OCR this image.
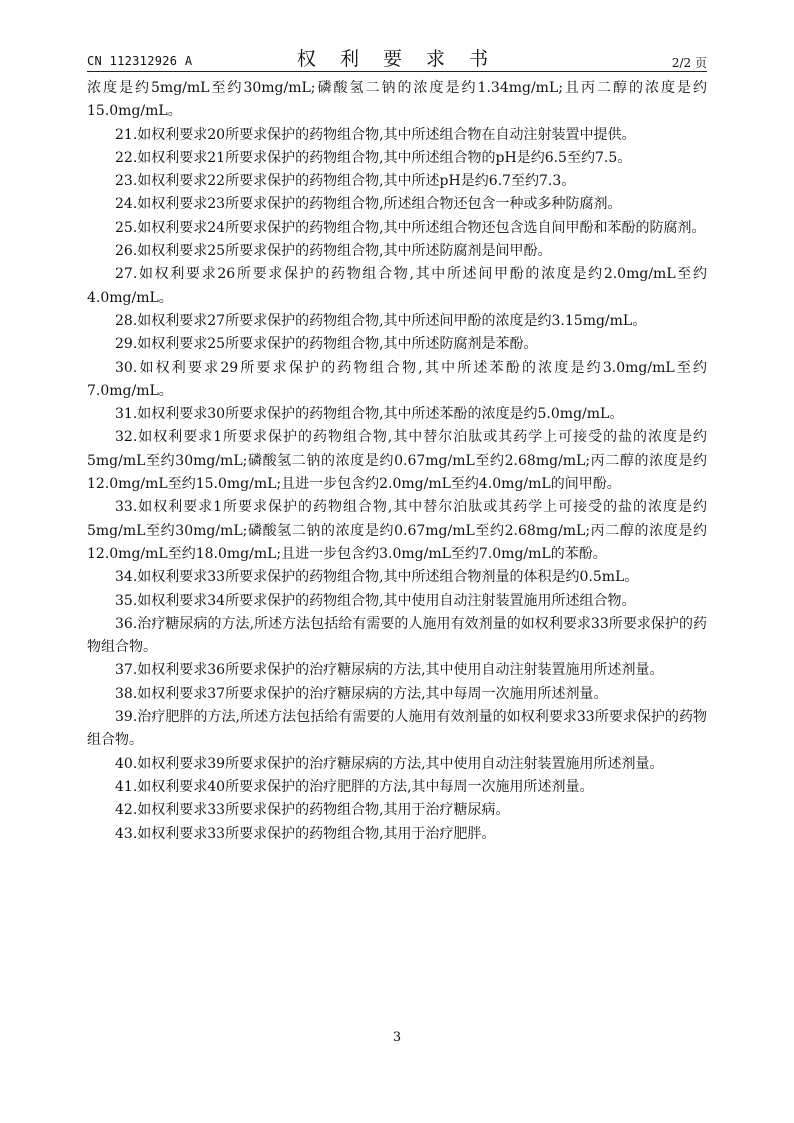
CN 112312926 A	权 利 要 求 书	2/2 页

浓度是约5mg/mL至约30mg/mL;磷酸氢二钠的浓度是约1.34mg/mL;且丙二醇的浓度是约15.0mg/mL。

21.如权利要求20所要求保护的药物组合物,其中所述组合物在自动注射装置中提供。

22.如权利要求21所要求保护的药物组合物,其中所述组合物的pH是约6.5至约7.5。

23.如权利要求22所要求保护的药物组合物,其中所述pH是约6.7至约7.3。

24.如权利要求23所要求保护的药物组合物,所述组合物还包含一种或多种防腐剂。

25.如权利要求24所要求保护的药物组合物,其中所述组合物还包含选自间甲酚和苯酚的防腐剂。

26.如权利要求25所要求保护的药物组合物,其中所述防腐剂是间甲酚。

27.如权利要求26所要求保护的药物组合物,其中所述间甲酚的浓度是约2.0mg/mL至约4.0mg/mL。

28.如权利要求27所要求保护的药物组合物,其中所述间甲酚的浓度是约3.15mg/mL。

29.如权利要求25所要求保护的药物组合物,其中所述防腐剂是苯酚。

30.如权利要求29所要求保护的药物组合物,其中所述苯酚的浓度是约3.0mg/mL至约7.0mg/mL。

31.如权利要求30所要求保护的药物组合物,其中所述苯酚的浓度是约5.0mg/mL。

32.如权利要求1所要求保护的药物组合物,其中替尔泊肽或其药学上可接受的盐的浓度是约5mg/mL至约30mg/mL;磷酸氢二钠的浓度是约0.67mg/mL至约2.68mg/mL;丙二醇的浓度是约12.0mg/mL至约15.0mg/mL;且进一步包含约2.0mg/mL至约4.0mg/mL的间甲酚。

33.如权利要求1所要求保护的药物组合物,其中替尔泊肽或其药学上可接受的盐的浓度是约5mg/mL至约30mg/mL;磷酸氢二钠的浓度是约0.67mg/mL至约2.68mg/mL;丙二醇的浓度是约12.0mg/mL至约18.0mg/mL;且进一步包含约3.0mg/mL至约7.0mg/mL的苯酚。

34.如权利要求33所要求保护的药物组合物,其中所述组合物剂量的体积是约0.5mL。

35.如权利要求34所要求保护的药物组合物,其中使用自动注射装置施用所述组合物。

36.治疗糖尿病的方法,所述方法包括给有需要的人施用有效剂量的如权利要求33所要求保护的药物组合物。

37.如权利要求36所要求保护的治疗糖尿病的方法,其中使用自动注射装置施用所述剂量。

38.如权利要求37所要求保护的治疗糖尿病的方法,其中每周一次施用所述剂量。

39.治疗肥胖的方法,所述方法包括给有需要的人施用有效剂量的如权利要求33所要求保护的药物组合物。

40.如权利要求39所要求保护的治疗糖尿病的方法,其中使用自动注射装置施用所述剂量。

41.如权利要求40所要求保护的治疗肥胖的方法,其中每周一次施用所述剂量。

42.如权利要求33所要求保护的药物组合物,其用于治疗糖尿病。

43.如权利要求33所要求保护的药物组合物,其用于治疗肥胖。

3
